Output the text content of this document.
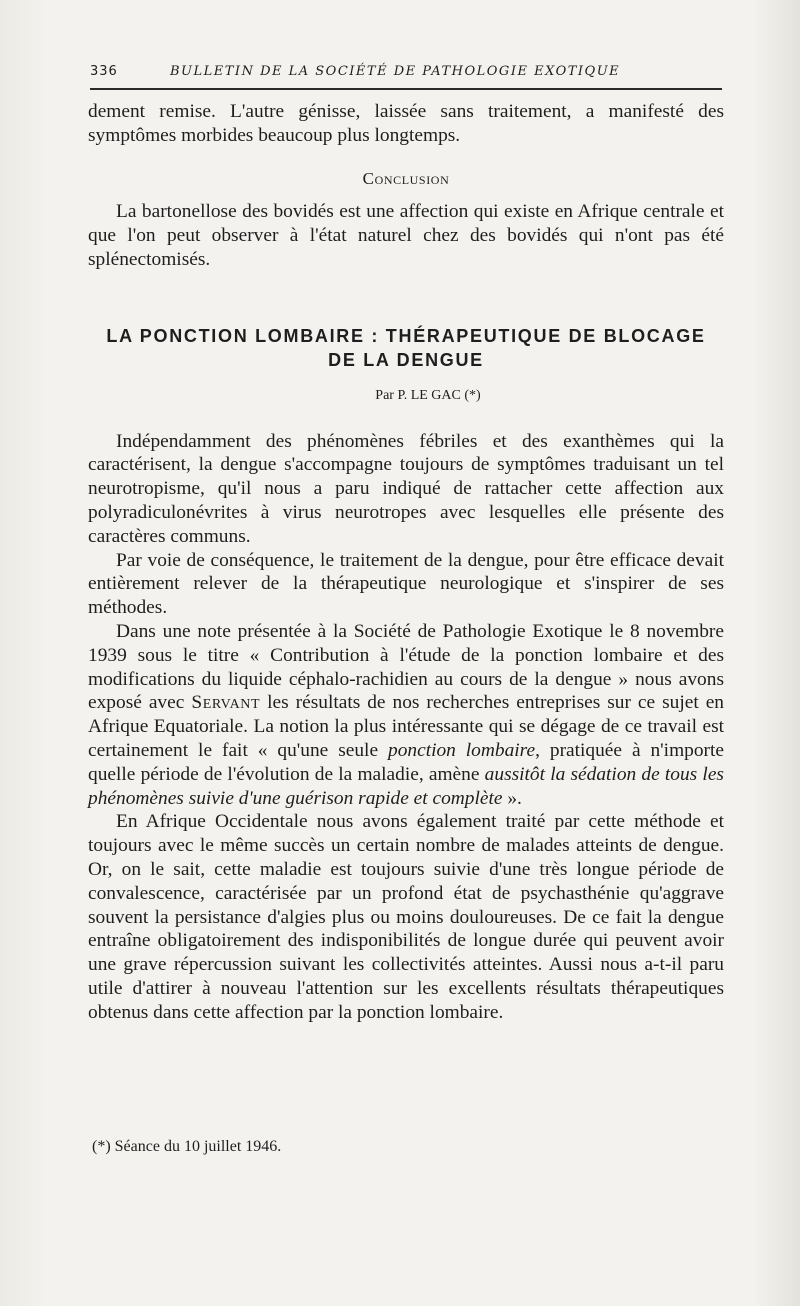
336	BULLETIN DE LA SOCIÉTÉ DE PATHOLOGIE EXOTIQUE

dement remise. L'autre génisse, laissée sans traitement, a manifesté des symptômes morbides beaucoup plus longtemps.

Conclusion

La bartonellose des bovidés est une affection qui existe en Afrique centrale et que l'on peut observer à l'état naturel chez des bovidés qui n'ont pas été splénectomisés.

LA PONCTION LOMBAIRE : THÉRAPEUTIQUE DE BLOCAGE
DE LA DENGUE

Par P. LE GAC (*)

Indépendamment des phénomènes fébriles et des exanthèmes qui la caractérisent, la dengue s'accompagne toujours de symptômes traduisant un tel neurotropisme, qu'il nous a paru indiqué de rattacher cette affection aux polyradiculonévrites à virus neurotropes avec lesquelles elle présente des caractères communs.

Par voie de conséquence, le traitement de la dengue, pour être efficace devait entièrement relever de la thérapeutique neurologique et s'inspirer de ses méthodes.

Dans une note présentée à la Société de Pathologie Exotique le 8 novembre 1939 sous le titre « Contribution à l'étude de la ponction lombaire et des modifications du liquide céphalo-rachidien au cours de la dengue » nous avons exposé avec Servant les résultats de nos recherches entreprises sur ce sujet en Afrique Equatoriale. La notion la plus intéressante qui se dégage de ce travail est certainement le fait « qu'une seule ponction lombaire, pratiquée à n'importe quelle période de l'évolution de la maladie, amène aussitôt la sédation de tous les phénomènes suivie d'une guérison rapide et complète ».

En Afrique Occidentale nous avons également traité par cette méthode et toujours avec le même succès un certain nombre de malades atteints de dengue. Or, on le sait, cette maladie est toujours suivie d'une très longue période de convalescence, caractérisée par un profond état de psychasthénie qu'aggrave souvent la persistance d'algies plus ou moins douloureuses. De ce fait la dengue entraîne obligatoirement des indisponibilités de longue durée qui peuvent avoir une grave répercussion suivant les collectivités atteintes. Aussi nous a-t-il paru utile d'attirer à nouveau l'attention sur les excellents résultats thérapeutiques obtenus dans cette affection par la ponction lombaire.

(*) Séance du 10 juillet 1946.
